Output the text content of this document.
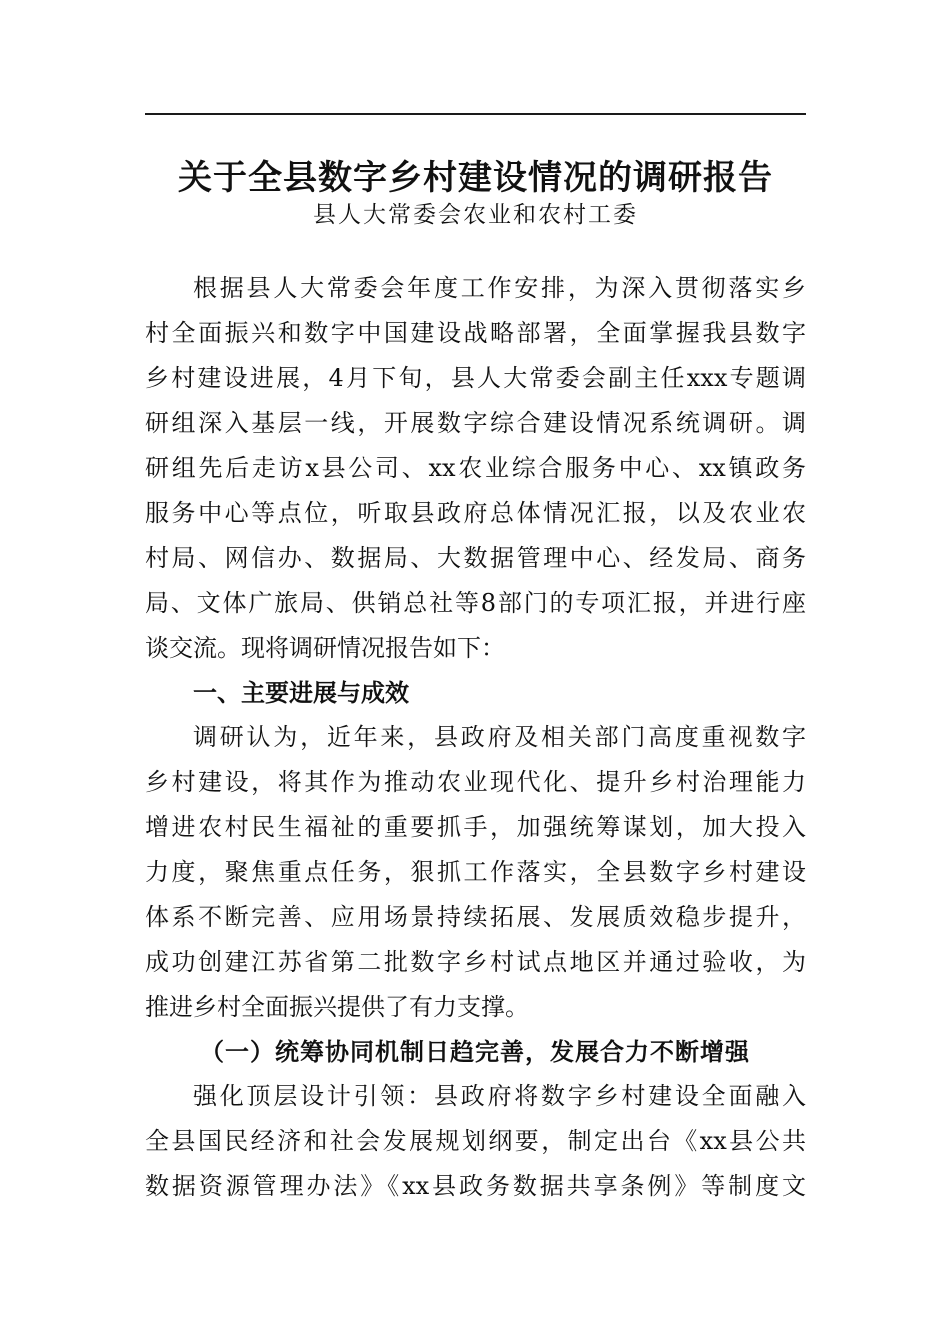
关于全县数字乡村建设情况的调研报告
县人大常委会农业和农村工委
根据县人大常委会年度工作安排，为深入贯彻落实乡
村全面振兴和数字中国建设战略部署，全面掌握我县数字
乡村建设进展，4月下旬，县人大常委会副主任xxx专题调
研组深入基层一线，开展数字综合建设情况系统调研。调
研组先后走访x县公司、xx农业综合服务中心、xx镇政务
服务中心等点位，听取县政府总体情况汇报，以及农业农
村局、网信办、数据局、大数据管理中心、经发局、商务
局、文体广旅局、供销总社等8部门的专项汇报，并进行座
谈交流。现将调研情况报告如下：
一、主要进展与成效
调研认为，近年来，县政府及相关部门高度重视数字
乡村建设，将其作为推动农业现代化、提升乡村治理能力
增进农村民生福祉的重要抓手，加强统筹谋划，加大投入
力度，聚焦重点任务，狠抓工作落实，全县数字乡村建设
体系不断完善、应用场景持续拓展、发展质效稳步提升，
成功创建江苏省第二批数字乡村试点地区并通过验收，为
推进乡村全面振兴提供了有力支撑。
（一）统筹协同机制日趋完善，发展合力不断增强
强化顶层设计引领：县政府将数字乡村建设全面融入
全县国民经济和社会发展规划纲要，制定出台《xx县公共
数据资源管理办法》《xx县政务数据共享条例》等制度文
